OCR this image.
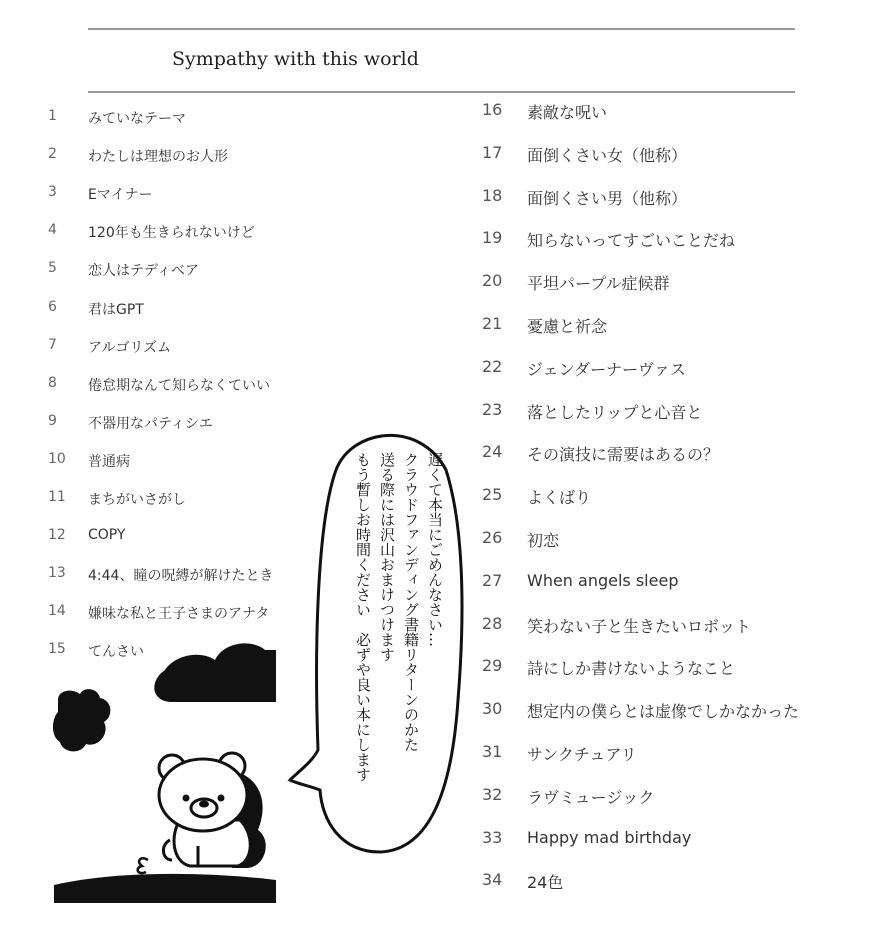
Sympathy with this world
1 みていなテーマ
2 わたしは理想のお人形
3 Eマイナー
4 120年も生きられないけど
5 恋人はテディベア
6 君はGPT
7 アルゴリズム
8 倦怠期なんて知らなくていい
9 不器用なパティシエ
10 普通病
11 まちがいさがし
12 COPY
13 4:44、瞳の呪縛が解けたとき
14 嫌味な私と王子さまのアナタ
15 てんさい
16 素敵な呪い
17 面倒くさい女（他称）
18 面倒くさい男（他称）
19 知らないってすごいことだね
20 平坦パープル症候群
21 憂慮と祈念
22 ジェンダーナーヴァス
23 落としたリップと心音と
24 その演技に需要はあるの？
25 よくばり
26 初恋
27 When angels sleep
28 笑わない子と生きたいロボット
29 詩にしか書けないようなこと
30 想定内の僕らとは虚像でしかなかった
31 サンクチュアリ
32 ラヴミュージック
33 Happy mad birthday
34 24色
遅くて本当にごめんなさい…
クラウドファンディング書籍リターンのかた
送る際には沢山おまけつけます
もう暫しお時間ください　必ずや良い本にします
